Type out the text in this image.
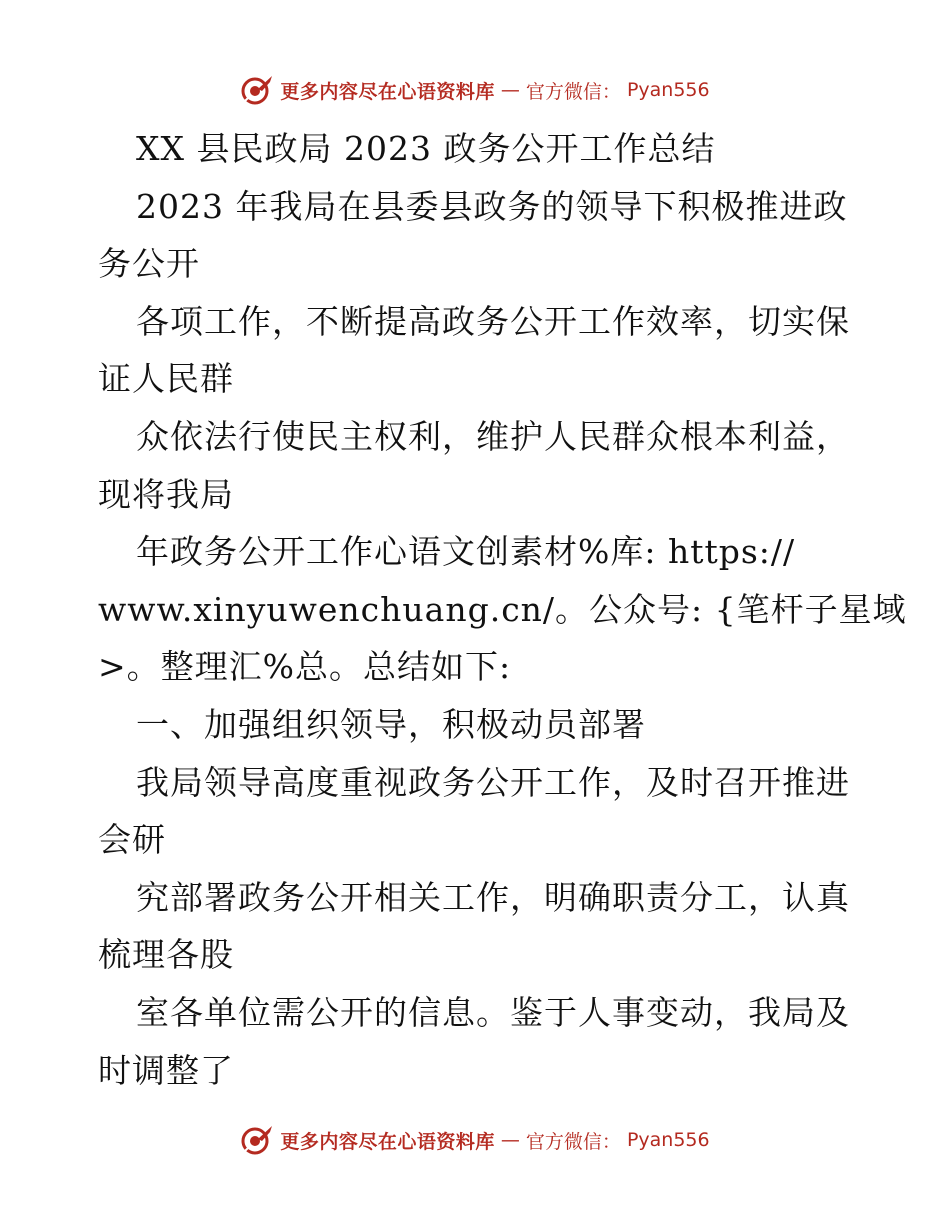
更多内容尽在心语资料库 — 官方微信： Pyan556
XX 县民政局 2023 政务公开工作总结
2023 年我局在县委县政务的领导下积极推进政
务公开
各项工作，不断提高政务公开工作效率，切实保
证人民群
众依法行使民主权利，维护人民群众根本利益，
现将我局
年政务公开工作心语文创素材%库: https://
www.xinyuwenchuang.cn/。公众号: {笔杆子星域
>。整理汇%总。总结如下:
一、加强组织领导，积极动员部署
我局领导高度重视政务公开工作，及时召开推进
会研
究部署政务公开相关工作，明确职责分工，认真
梳理各股
室各单位需公开的信息。鉴于人事变动，我局及
时调整了
更多内容尽在心语资料库 — 官方微信： Pyan556
